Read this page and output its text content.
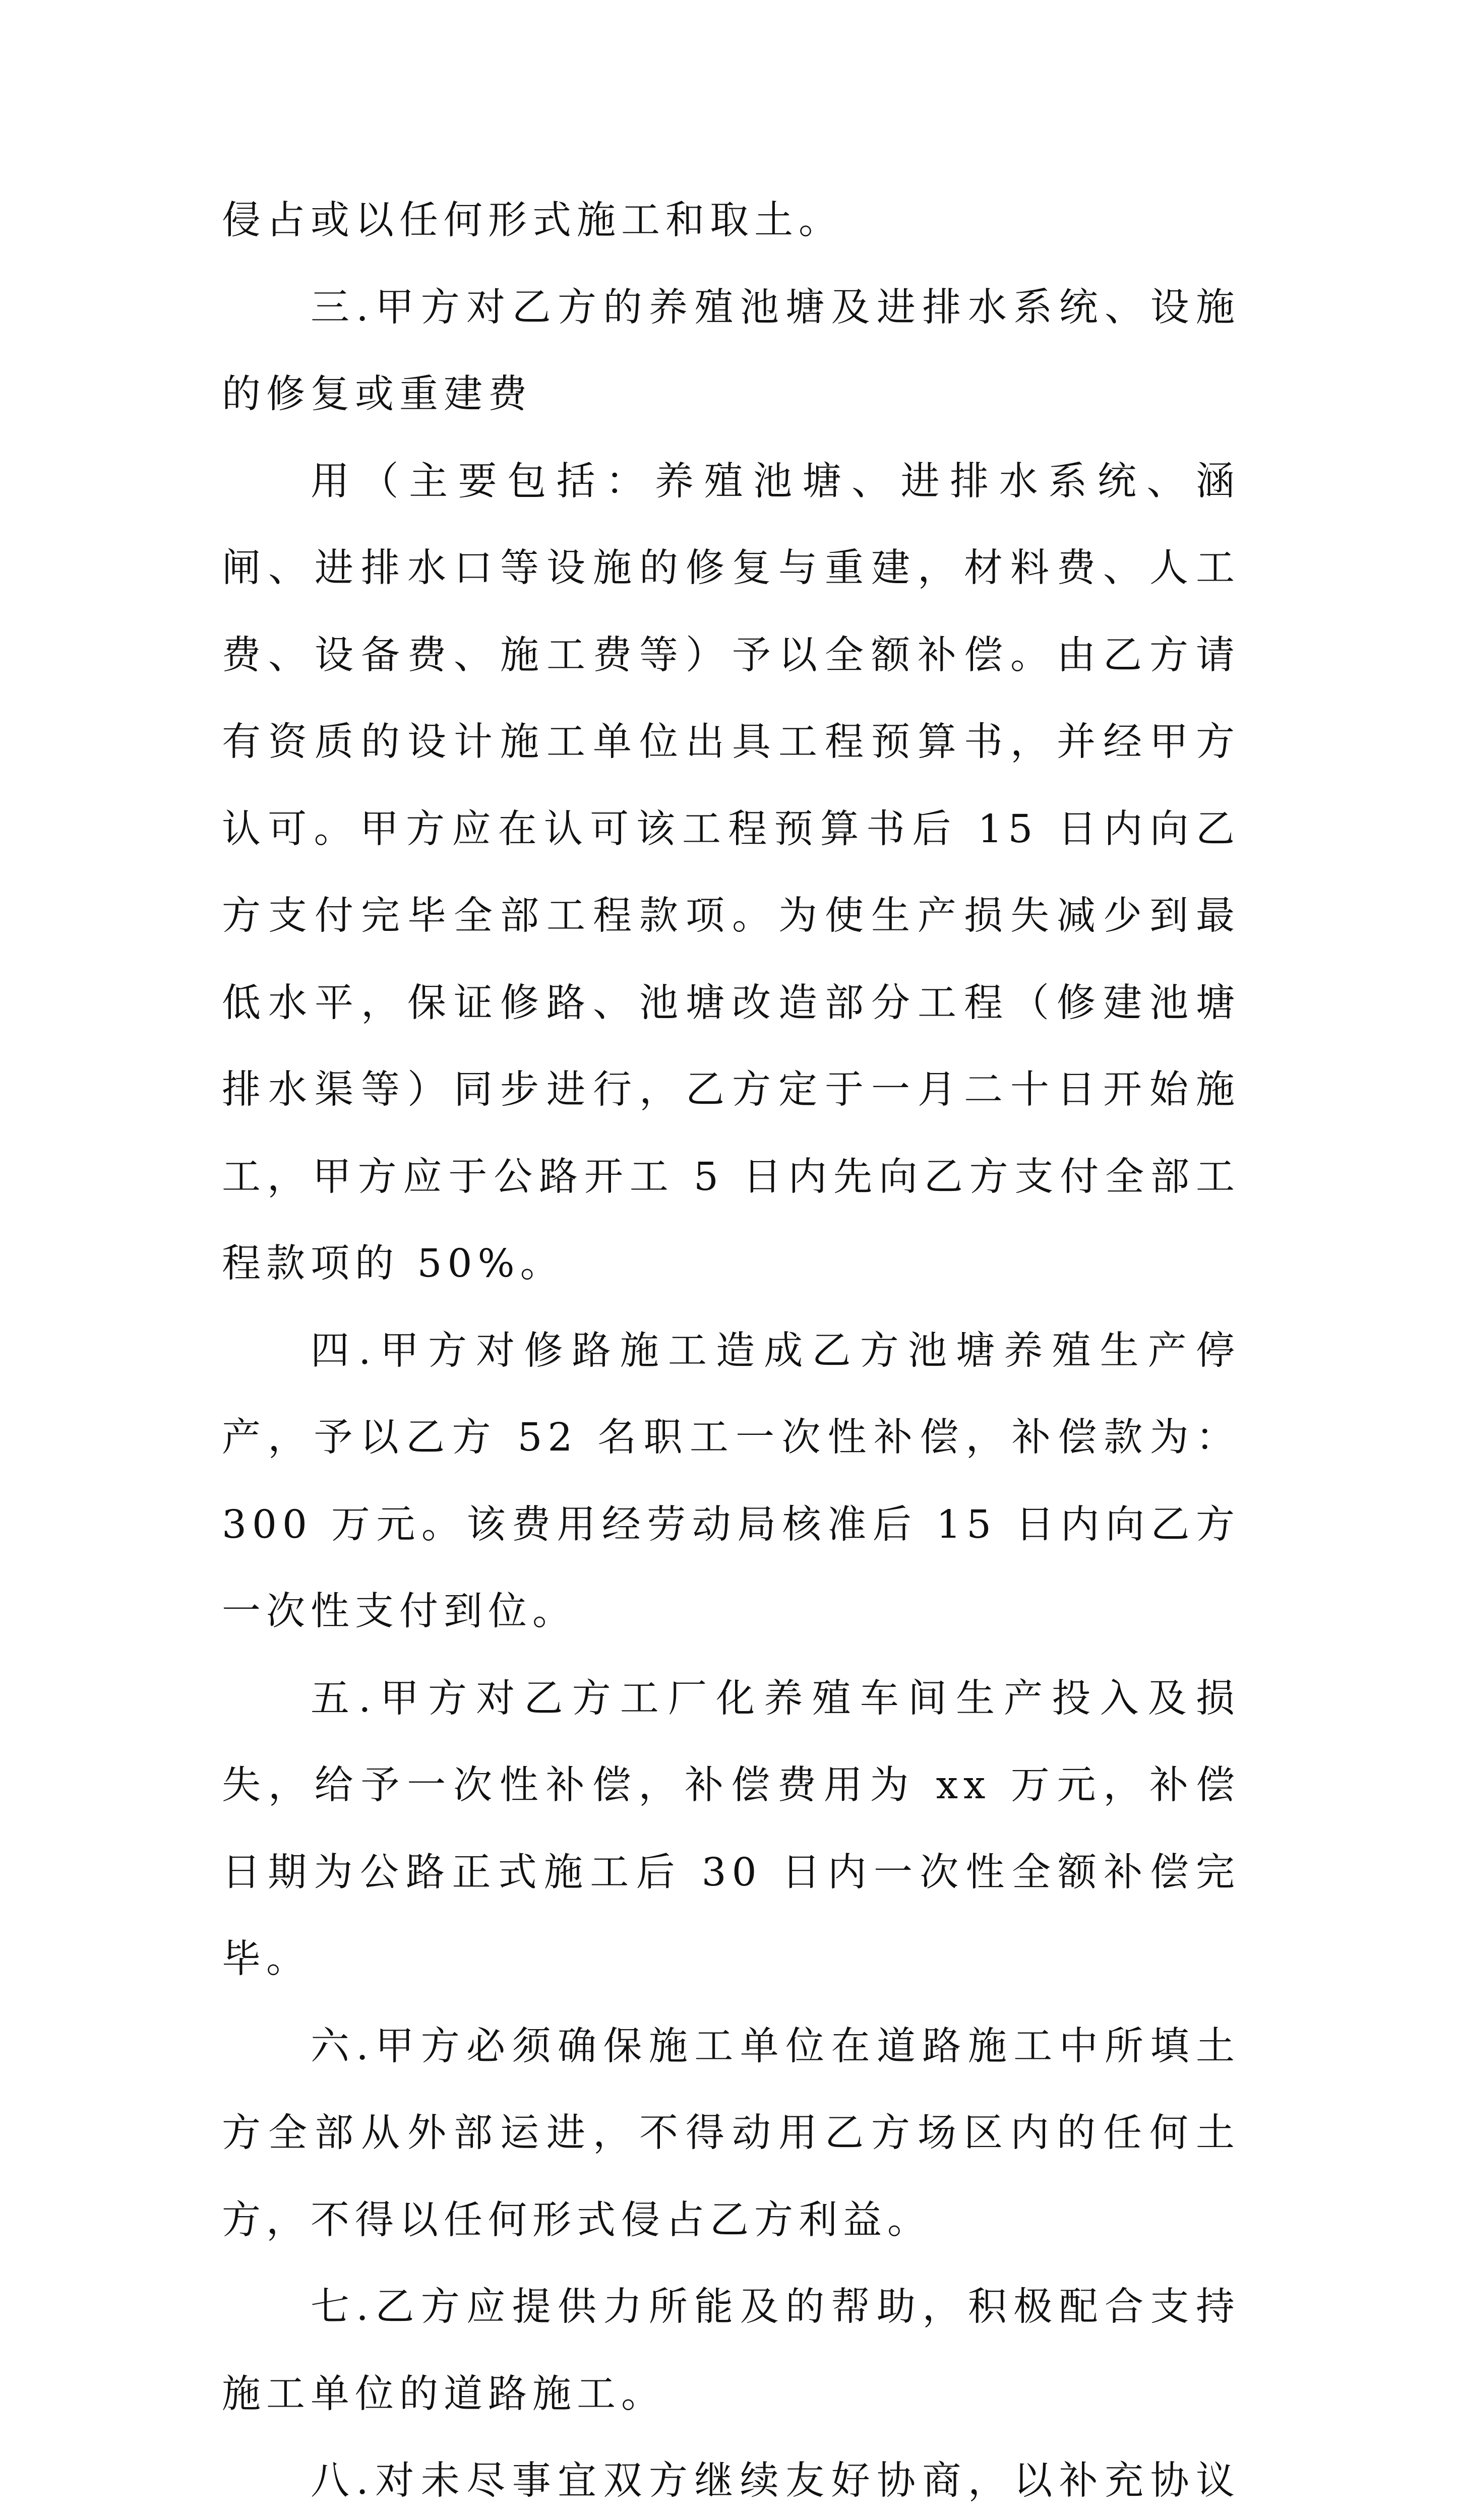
侵占或以任何形式施工和取土。

三.甲方对乙方的养殖池塘及进排水系统、设施的修复或重建费

用（主要包括：养殖池塘、进排水系统、涵闸、进排水口等设施的修复与重建，材料费、人工费、设备费、施工费等）予以全额补偿。由乙方请有资质的设计施工单位出具工程预算书，并经甲方认可。甲方应在认可该工程预算书后 15 日内向乙方支付完毕全部工程款项。为使生产损失减少到最低水平，保证修路、池塘改造部分工程（修建池塘排水渠等）同步进行，乙方定于一月二十日开始施工，甲方应于公路开工 5 日内先向乙方支付全部工程款项的 50%。

四.甲方对修路施工造成乙方池塘养殖生产停产，予以乙方 52 名职工一次性补偿，补偿款为：300 万元。该费用经劳动局核准后 15 日内向乙方一次性支付到位。

五.甲方对乙方工厂化养殖车间生产投入及损失，给予一次性补偿，补偿费用为 xx 万元，补偿日期为公路正式施工后 30 日内一次性全额补偿完毕。

六.甲方必须确保施工单位在道路施工中所填土方全部从外部运进，不得动用乙方场区内的任何土方，不得以任何形式侵占乙方利益。

七.乙方应提供力所能及的帮助，积极配合支持施工单位的道路施工。

八.对未尽事宜双方继续友好协商，以补充协议
